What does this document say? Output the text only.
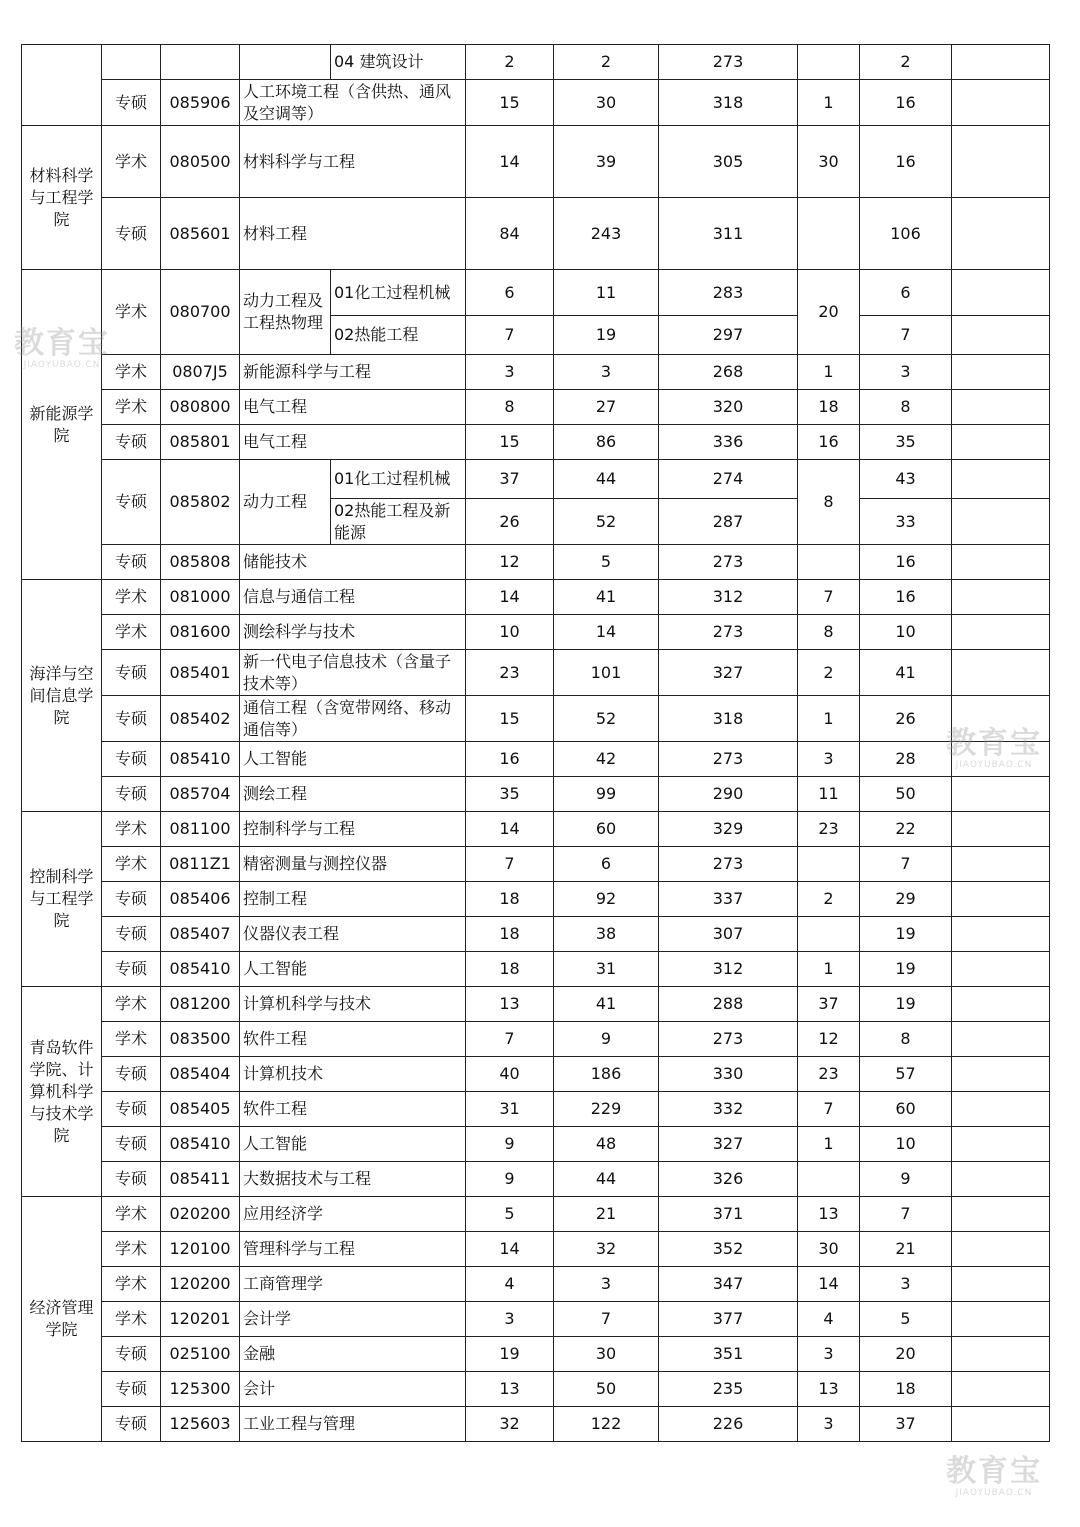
				04 建筑设计	2	2	273		2	
	专硕	085906	人工环境工程（含供热、通风及空调等）		15	30	318	1	16	
材料科学与工程学院	学术	080500	材料科学与工程		14	39	305	30	16	
	专硕	085601	材料工程		84	243	311		106	
新能源学院	学术	080700	动力工程及工程热物理	01化工过程机械	6	11	283	20	6	
				02热能工程	7	19	297		7	
	学术	0807J5	新能源科学与工程		3	3	268	1	3	
	学术	080800	电气工程		8	27	320	18	8	
	专硕	085801	电气工程		15	86	336	16	35	
	专硕	085802	动力工程	01化工过程机械	37	44	274	8	43	
				02热能工程及新能源	26	52	287		33	
	专硕	085808	储能技术		12	5	273		16	
海洋与空间信息学院	学术	081000	信息与通信工程		14	41	312	7	16	
	学术	081600	测绘科学与技术		10	14	273	8	10	
	专硕	085401	新一代电子信息技术（含量子技术等）		23	101	327	2	41	
	专硕	085402	通信工程（含宽带网络、移动通信等）		15	52	318	1	26	
	专硕	085410	人工智能		16	42	273	3	28	
	专硕	085704	测绘工程		35	99	290	11	50	
控制科学与工程学院	学术	081100	控制科学与工程		14	60	329	23	22	
	学术	0811Z1	精密测量与测控仪器		7	6	273		7	
	专硕	085406	控制工程		18	92	337	2	29	
	专硕	085407	仪器仪表工程		18	38	307		19	
	专硕	085410	人工智能		18	31	312	1	19	
青岛软件学院、计算机科学与技术学院	学术	081200	计算机科学与技术		13	41	288	37	19	
	学术	083500	软件工程		7	9	273	12	8	
	专硕	085404	计算机技术		40	186	330	23	57	
	专硕	085405	软件工程		31	229	332	7	60	
	专硕	085410	人工智能		9	48	327	1	10	
	专硕	085411	大数据技术与工程		9	44	326		9	
经济管理学院	学术	020200	应用经济学		5	21	371	13	7	
	学术	120100	管理科学与工程		14	32	352	30	21	
	学术	120200	工商管理学		4	3	347	14	3	
	学术	120201	会计学		3	7	377	4	5	
	专硕	025100	金融		19	30	351	3	20	
	专硕	125300	会计		13	50	235	13	18	
	专硕	125603	工业工程与管理		32	122	226	3	37	
教育宝
JIAOYUBAO.CN
教育宝
JIAOYUBAO.CN
教育宝
JIAOYUBAO.CN
